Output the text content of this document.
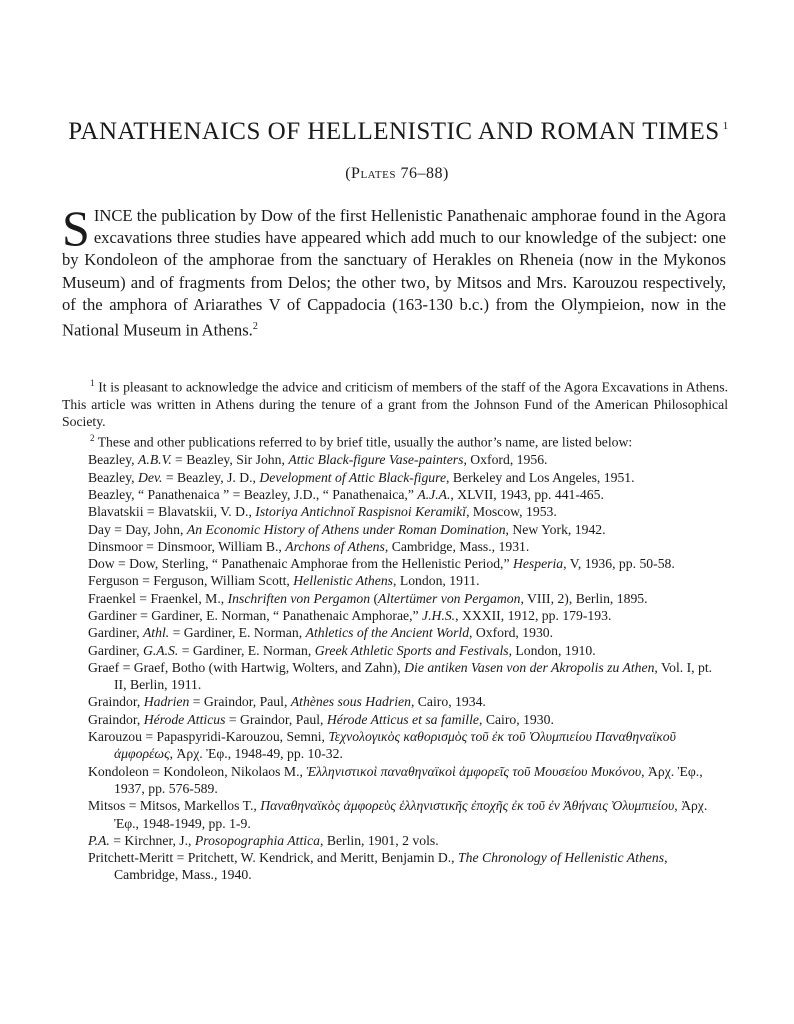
PANATHENAICS OF HELLENISTIC AND ROMAN TIMES $^1$
(Plates 76–88)
SINCE the publication by Dow of the first Hellenistic Panathenaic amphorae found in the Agora excavations three studies have appeared which add much to our knowledge of the subject: one by Kondoleon of the amphorae from the sanctuary of Herakles on Rheneia (now in the Mykonos Museum) and of fragments from Delos; the other two, by Mitsos and Mrs. Karouzou respectively, of the amphora of Ariarathes V of Cappadocia (163-130 b.c.) from the Olympieion, now in the National Museum in Athens.$^2$
$^1$ It is pleasant to acknowledge the advice and criticism of members of the staff of the Agora Excavations in Athens. This article was written in Athens during the tenure of a grant from the Johnson Fund of the American Philosophical Society.
$^2$ These and other publications referred to by brief title, usually the author’s name, are listed below:
Beazley, A.B.V. = Beazley, Sir John, Attic Black-figure Vase-painters, Oxford, 1956.
Beazley, Dev. = Beazley, J. D., Development of Attic Black-figure, Berkeley and Los Angeles, 1951.
Beazley, “ Panathenaica ” = Beazley, J.D., “ Panathenaica,” A.J.A., XLVII, 1943, pp. 441-465.
Blavatskii = Blavatskii, V. D., Istoriya Antichnoĭ Raspisnoi Keramikĭ, Moscow, 1953.
Day = Day, John, An Economic History of Athens under Roman Domination, New York, 1942.
Dinsmoor = Dinsmoor, William B., Archons of Athens, Cambridge, Mass., 1931.
Dow = Dow, Sterling, “ Panathenaic Amphorae from the Hellenistic Period,” Hesperia, V, 1936, pp. 50-58.
Ferguson = Ferguson, William Scott, Hellenistic Athens, London, 1911.
Fraenkel = Fraenkel, M., Inschriften von Pergamon (Altertümer von Pergamon, VIII, 2), Berlin, 1895.
Gardiner = Gardiner, E. Norman, “ Panathenaic Amphorae,” J.H.S., XXXII, 1912, pp. 179-193.
Gardiner, Athl. = Gardiner, E. Norman, Athletics of the Ancient World, Oxford, 1930.
Gardiner, G.A.S. = Gardiner, E. Norman, Greek Athletic Sports and Festivals, London, 1910.
Graef = Graef, Botho (with Hartwig, Wolters, and Zahn), Die antiken Vasen von der Akropolis zu Athen, Vol. I, pt. II, Berlin, 1911.
Graindor, Hadrien = Graindor, Paul, Athènes sous Hadrien, Cairo, 1934.
Graindor, Hérode Atticus = Graindor, Paul, Hérode Atticus et sa famille, Cairo, 1930.
Karouzou = Papaspyridi-Karouzou, Semni, Τεχνολογικὸς καθορισμὸς τοῦ ἐκ τοῦ Ὀλυμπιείου Παναθηναϊκοῦ ἀμφορέως, Ἀρχ. Ἐφ., 1948-49, pp. 10-32.
Kondoleon = Kondoleon, Nikolaos M., Ἑλληνιστικοὶ παναθηναϊκοὶ ἀμφορεῖς τοῦ Μουσείου Μυκόνου, Ἀρχ. Ἐφ., 1937, pp. 576-589.
Mitsos = Mitsos, Markellos T., Παναθηναϊκὸς ἀμφορεὺς ἑλληνιστικῆς ἐποχῆς ἐκ τοῦ ἐν Ἀθήναις Ὀλυμπιείου, Ἀρχ. Ἐφ., 1948-1949, pp. 1-9.
P.A. = Kirchner, J., Prosopographia Attica, Berlin, 1901, 2 vols.
Pritchett-Meritt = Pritchett, W. Kendrick, and Meritt, Benjamin D., The Chronology of Hellenistic Athens, Cambridge, Mass., 1940.
